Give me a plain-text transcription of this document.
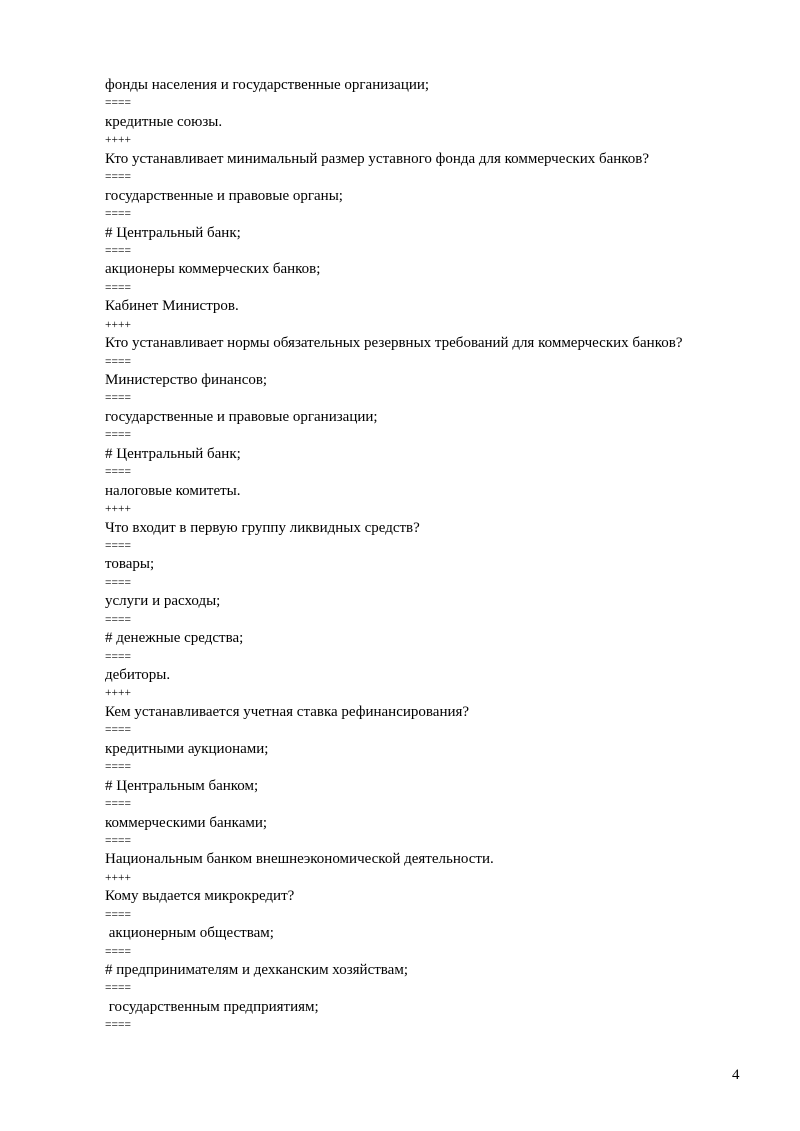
фонды населения и государственные организации;
====
кредитные союзы.
++++
Кто устанавливает минимальный размер уставного фонда для коммерческих банков?
====
государственные и правовые органы;
====
# Центральный банк;
====
акционеры коммерческих банков;
====
Кабинет Министров.
++++
Кто устанавливает нормы обязательных резервных требований для коммерческих банков?
====
Министерство финансов;
====
государственные и правовые организации;
====
# Центральный банк;
====
налоговые комитеты.
++++
Что входит в первую группу ликвидных средств?
====
товары;
====
услуги и расходы;
====
# денежные средства;
====
дебиторы.
++++
Кем устанавливается учетная ставка рефинансирования?
====
кредитными аукционами;
====
# Центральным банком;
====
коммерческими банками;
====
Национальным банком внешнеэкономической деятельности.
++++
Кому выдается микрокредит?
====
акционерным обществам;
====
# предпринимателям и дехканским хозяйствам;
====
государственным предприятиям;
====
4
